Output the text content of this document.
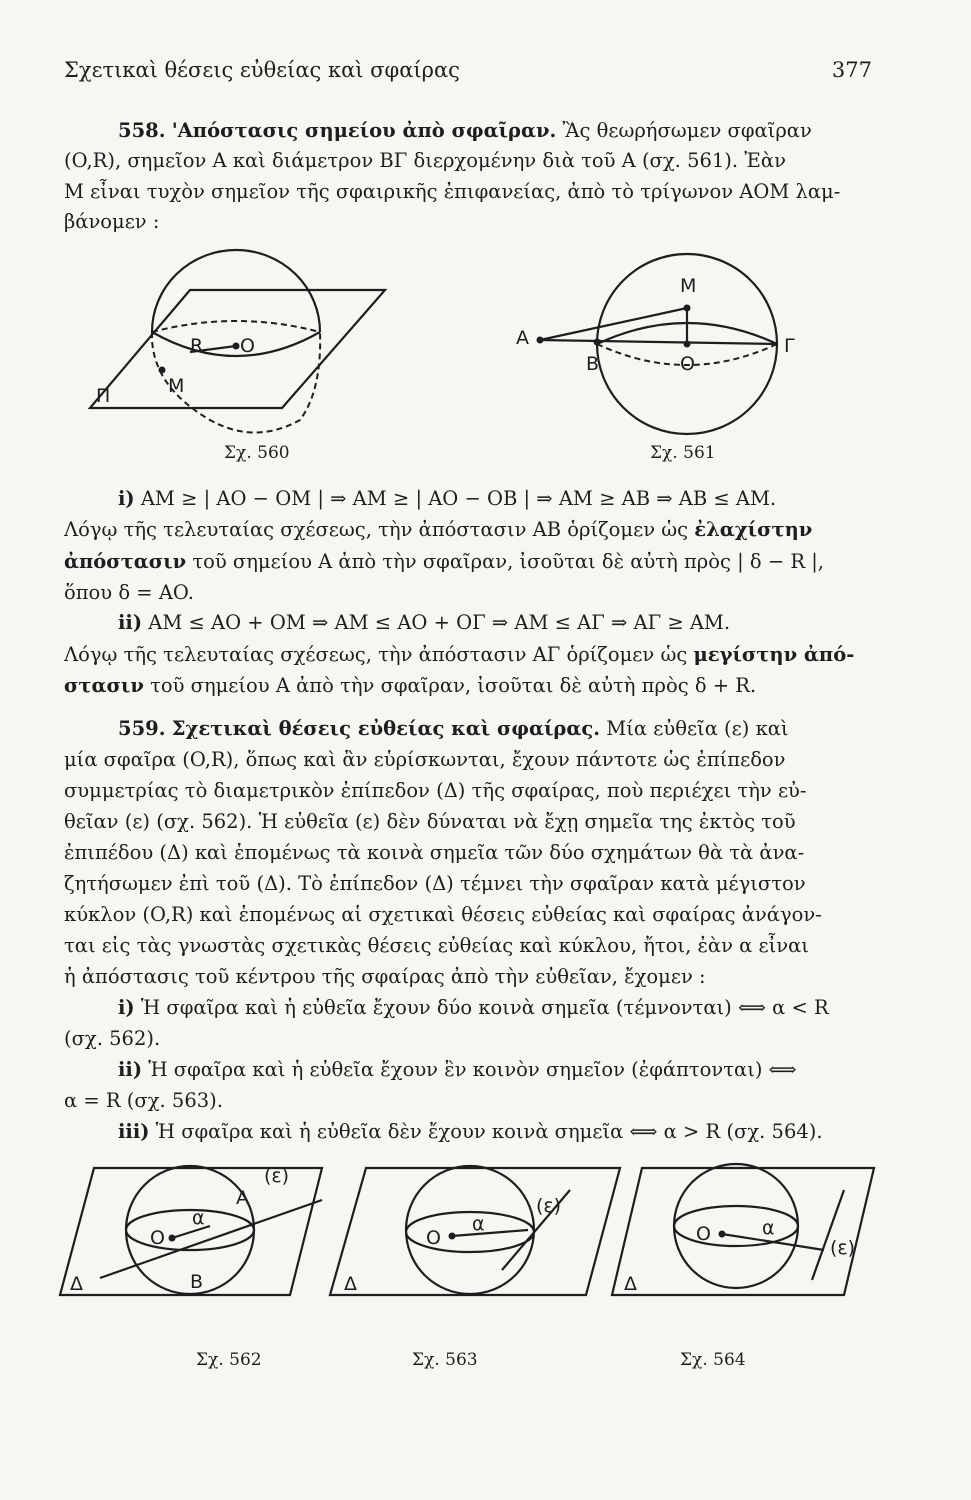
Σχετικαὶ θέσεις εὐθείας καὶ σφαίρας	377
558. 'Απόστασις σημείου ἀπὸ σφαῖραν. Ἂς θεωρήσωμεν σφαῖραν
(O,R), σημεῖον A καὶ διάμετρον ΒΓ διερχομένην διὰ τοῦ A (σχ. 561). Ἐὰν
M εἶναι τυχὸν σημεῖον τῆς σφαιρικῆς ἐπιφανείας, ἀπὸ τὸ τρίγωνον AOM λαμ-
βάνομεν :
Π
R O
M
Σχ. 560
A
B	O
Γ
M
Σχ. 561
i) AM ≥ | AO − OM | ⇒ AM ≥ | AO − OB | ⇒ AM ≥ AB ⇒ AB ≤ AM.
Λόγῳ τῆς τελευταίας σχέσεως, τὴν ἀπόστασιν AB ὁρίζομεν ὡς ἐλαχίστην
ἀπόστασιν τοῦ σημείου A ἀπὸ τὴν σφαῖραν, ἰσοῦται δὲ αὐτὴ πρὸς | δ − R |,
ὅπου δ = AO.
ii) AM ≤ AO + OM ⇒ AM ≤ AO + OΓ ⇒ AM ≤ AΓ ⇒ AΓ ≥ AM.
Λόγῳ τῆς τελευταίας σχέσεως, τὴν ἀπόστασιν AΓ ὁρίζομεν ὡς μεγίστην ἀπό-
στασιν τοῦ σημείου A ἀπὸ τὴν σφαῖραν, ἰσοῦται δὲ αὐτὴ πρὸς δ + R.
559. Σχετικαὶ θέσεις εὐθείας καὶ σφαίρας. Μία εὐθεῖα (ε) καὶ
μία σφαῖρα (O,R), ὅπως καὶ ἂν εὑρίσκωνται, ἔχουν πάντοτε ὡς ἐπίπεδον
συμμετρίας τὸ διαμετρικὸν ἐπίπεδον (Δ) τῆς σφαίρας, ποὺ περιέχει τὴν εὐ-
θεῖαν (ε) (σχ. 562). Ἡ εὐθεῖα (ε) δὲν δύναται νὰ ἔχῃ σημεῖα της ἐκτὸς τοῦ
ἐπιπέδου (Δ) καὶ ἑπομένως τὰ κοινὰ σημεῖα τῶν δύο σχημάτων θὰ τὰ ἀνα-
ζητήσωμεν ἐπὶ τοῦ (Δ). Τὸ ἐπίπεδον (Δ) τέμνει τὴν σφαῖραν κατὰ μέγιστον
κύκλον (O,R) καὶ ἑπομένως αἱ σχετικαὶ θέσεις εὐθείας καὶ σφαίρας ἀνάγον-
ται εἰς τὰς γνωστὰς σχετικὰς θέσεις εὐθείας καὶ κύκλου, ἤτοι, ἐὰν α εἶναι
ἡ ἀπόστασις τοῦ κέντρου τῆς σφαίρας ἀπὸ τὴν εὐθεῖαν, ἔχομεν :
i) Ἡ σφαῖρα καὶ ἡ εὐθεῖα ἔχουν δύο κοινὰ σημεῖα (τέμνονται) ⟺ α < R
(σχ. 562).
ii) Ἡ σφαῖρα καὶ ἡ εὐθεῖα ἔχουν ἓν κοινὸν σημεῖον (ἐφάπτονται) ⟺
α = R (σχ. 563).
iii) Ἡ σφαῖρα καὶ ἡ εὐθεῖα δὲν ἔχουν κοινὰ σημεῖα ⟺ α > R (σχ. 564).
Δ
O
α
A
B
(ε)
Σχ. 562
Δ
O
α
(ε)
Σχ. 563
Δ
O	α
(ε)
Σχ. 564
